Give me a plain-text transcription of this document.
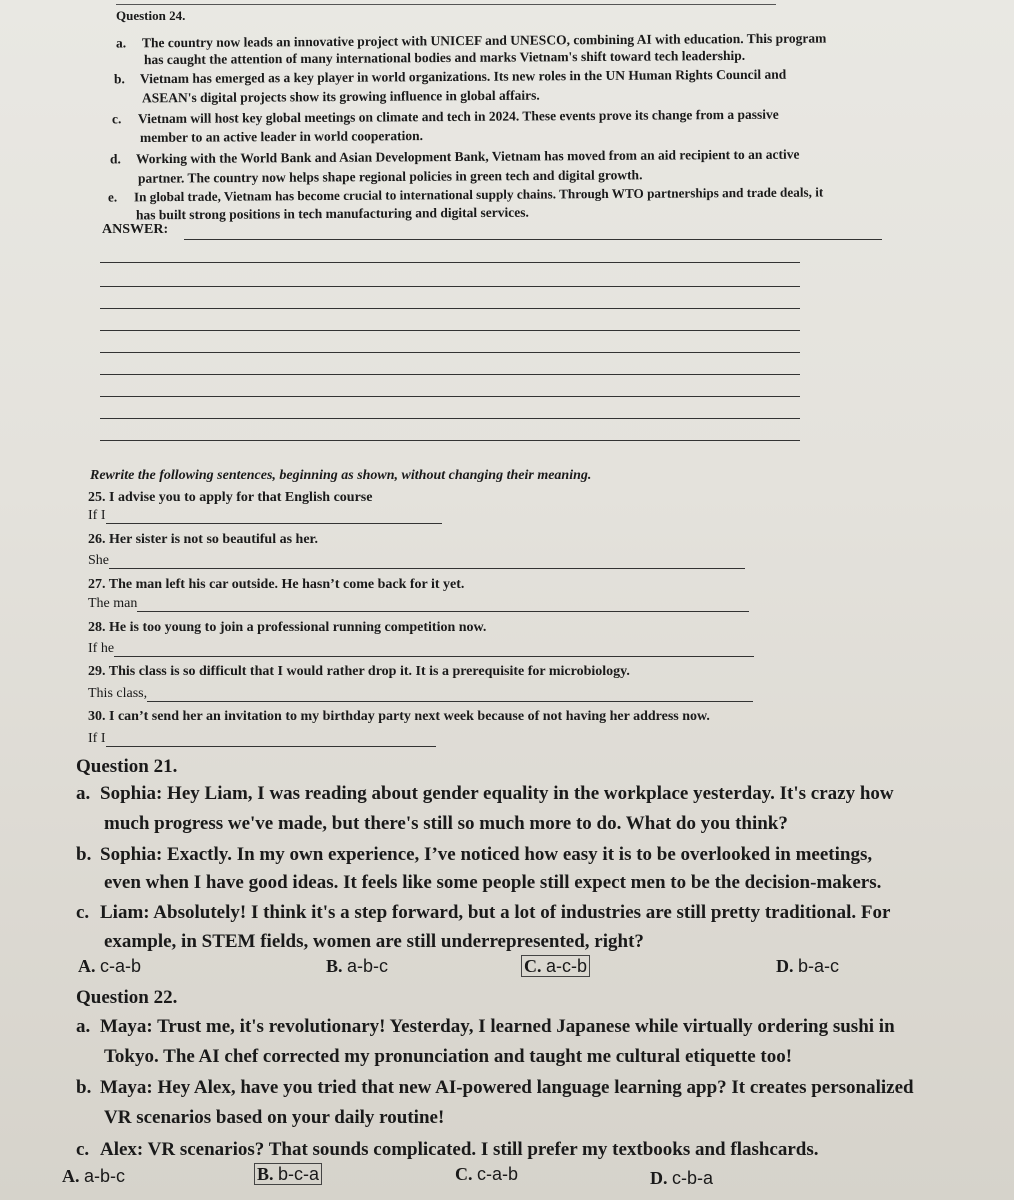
Question 24.
a. The country now leads an innovative project with UNICEF and UNESCO, combining AI with education. This program
has caught the attention of many international bodies and marks Vietnam's shift toward tech leadership.
b. Vietnam has emerged as a key player in world organizations. Its new roles in the UN Human Rights Council and
ASEAN's digital projects show its growing influence in global affairs.
c. Vietnam will host key global meetings on climate and tech in 2024. These events prove its change from a passive
member to an active leader in world cooperation.
d. Working with the World Bank and Asian Development Bank, Vietnam has moved from an aid recipient to an active
partner. The country now helps shape regional policies in green tech and digital growth.
e. In global trade, Vietnam has become crucial to international supply chains. Through WTO partnerships and trade deals, it
has built strong positions in tech manufacturing and digital services.
ANSWER:
Rewrite the following sentences, beginning as shown, without changing their meaning.
25. I advise you to apply for that English course
If I
26. Her sister is not so beautiful as her.
She
27. The man left his car outside. He hasn’t come back for it yet.
The man
28. He is too young to join a professional running competition now.
If he
29. This class is so difficult that I would rather drop it. It is a prerequisite for microbiology.
This class,
30. I can’t send her an invitation to my birthday party next week because of not having her address now.
If I
Question 21.
a. Sophia: Hey Liam, I was reading about gender equality in the workplace yesterday. It's crazy how
much progress we've made, but there's still so much more to do. What do you think?
b. Sophia: Exactly. In my own experience, I’ve noticed how easy it is to be overlooked in meetings,
even when I have good ideas. It feels like some people still expect men to be the decision-makers.
c. Liam: Absolutely! I think it's a step forward, but a lot of industries are still pretty traditional. For
example, in STEM fields, women are still underrepresented, right?
A. c-a-b	B. a-b-c	C. a-c-b	D. b-a-c
Question 22.
a. Maya: Trust me, it's revolutionary! Yesterday, I learned Japanese while virtually ordering sushi in
Tokyo. The AI chef corrected my pronunciation and taught me cultural etiquette too!
b. Maya: Hey Alex, have you tried that new AI-powered language learning app? It creates personalized
VR scenarios based on your daily routine!
c. Alex: VR scenarios? That sounds complicated. I still prefer my textbooks and flashcards.
A. a-b-c	B. b-c-a	C. c-a-b	D. c-b-a
